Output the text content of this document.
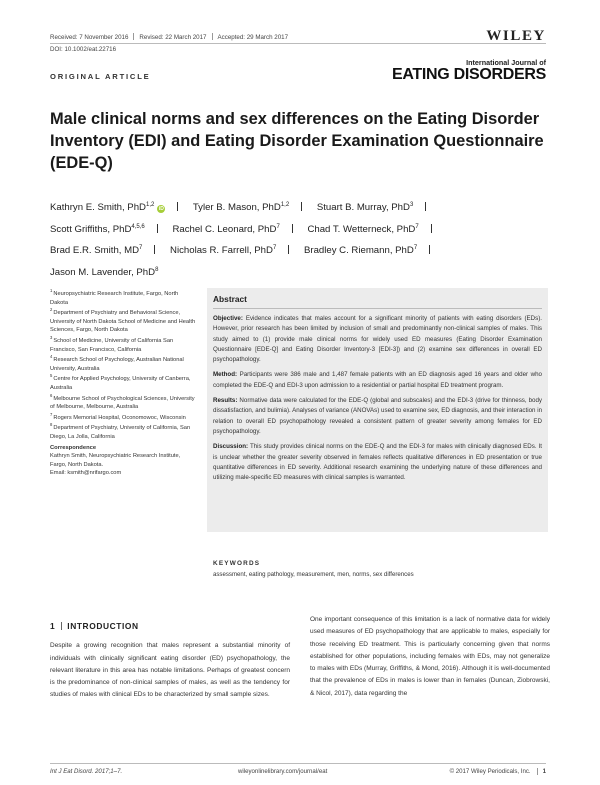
Received: 7 November 2016 Revised: 22 March 2017 Accepted: 29 March 2017
DOI: 10.1002/eat.22716
WILEY
ORIGINAL ARTICLE
International Journal of
EATING DISORDERS
Male clinical norms and sex differences on the Eating Disorder Inventory (EDI) and Eating Disorder Examination Questionnaire (EDE-Q)
Kathryn E. Smith, PhD$^{1,2}$iD	Tyler B. Mason, PhD$^{1,2}$	Stuart B. Murray, PhD$^3$
Scott Griffiths, PhD$^{4,5,6}$	Rachel C. Leonard, PhD$^7$	Chad T. Wetterneck, PhD$^7$
Brad E.R. Smith, $MD^7$	Nicholas R. Farrell, PhD$^7$	Bradley C. Riemann, PhD$^7$
Jason M. Lavender, PhD$^8$
$^1$Neuropsychiatric Research Institute, Fargo, North Dakota
$^2$Department of Psychiatry and Behavioral Science, University of North Dakota School of Medicine and Health Sciences, Fargo, North Dakota
$^3$School of Medicine, University of California San Francisco, San Francisco, California
$^4$Research School of Psychology, Australian National University, Australia
$^5$Centre for Applied Psychology, University of Canberra, Australia
$^6$Melbourne School of Psychological Sciences, University of Melbourne, Melbourne, Australia
$^7$Rogers Memorial Hospital, Oconomowoc, Wisconsin
$^8$Department of Psychiatry, University of California, San Diego, La Jolla, California
Correspondence
Kathryn Smith, Neuropsychiatric Research Institute, Fargo, North Dakota.
Email: ksmith@nrifargo.com
Abstract

Objective: Evidence indicates that males account for a significant minority of patients with eating disorders (EDs). However, prior research has been limited by inclusion of small and predominantly non-clinical samples of males. This study aimed to (1) provide male clinical norms for widely used ED measures (Eating Disorder Examination Questionnaire [EDE-Q] and Eating Disorder Inventory-3 [EDI-3]) and (2) examine sex differences in overall ED psychopathology.

Method: Participants were 386 male and 1,487 female patients with an ED diagnosis aged 16 years and older who completed the EDE-Q and EDI-3 upon admission to a residential or partial hospital ED treatment program.

Results: Normative data were calculated for the EDE-Q (global and subscales) and the EDI-3 (drive for thinness, body dissatisfaction, and bulimia). Analyses of variance (ANOVAs) used to examine sex, ED diagnosis, and their interaction in relation to overall ED psychopathology revealed a consistent pattern of greater severity among females for ED psychopathology.

Discussion: This study provides clinical norms on the EDE-Q and the EDI-3 for males with clinically diagnosed EDs. It is unclear whether the greater severity observed in females reflects qualitative differences in ED presentation or true quantitative differences in ED severity. Additional research examining the underlying nature of these differences and utilizing male-specific ED measures with clinical samples is warranted.

KEYWORDS
assessment, eating pathology, measurement, men, norms, sex differences
1 INTRODUCTION

Despite a growing recognition that males represent a substantial minority of individuals with clinically significant eating disorder (ED) psychopathology, the relevant literature in this area has notable limitations. Perhaps of greatest concern is the predominance of non-clinical samples of males, as well as the tendency for studies of males with clinical EDs to be characterized by small sample sizes.

One important consequence of this limitation is a lack of normative data for widely used measures of ED psychopathology that are applicable to males, especially for those receiving ED treatment. This is particularly concerning given that norms established for other populations, including females with EDs, may not generalize to males with EDs (Murray, Griffiths, & Mond, 2016). Although it is well-documented that the prevalence of EDs in males is lower than in females (Duncan, Ziobrowski, & Nicol, 2017), data regarding the

Int J Eat Disord. 2017;1–7.	wileyonlinelibrary.com/journal/eat	© 2017 Wiley Periodicals, Inc. 1
